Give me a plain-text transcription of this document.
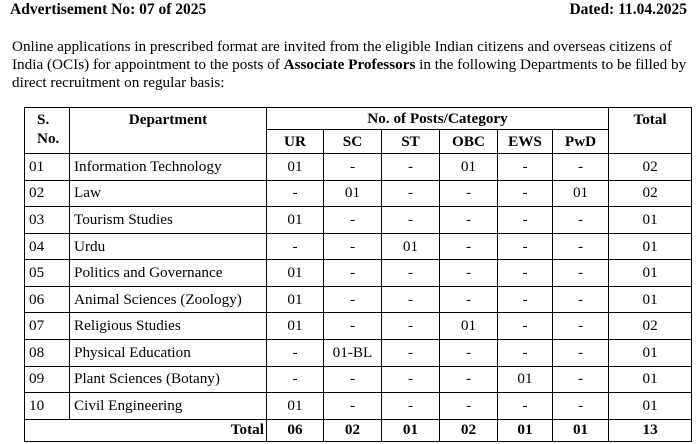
Advertisement No: 07 of 2025	Dated: 11.04.2025
Online applications in prescribed format are invited from the eligible Indian citizens and overseas citizens of India (OCIs) for appointment to the posts of Associate Professors in the following Departments to be filled by direct recruitment on regular basis:
S.
No.	Department	No. of Posts/Category						Total
		UR	SC	ST	OBC	EWS	PwD	
01	Information Technology	01	-	-	01	-	-	02
02	Law	-	01	-	-	-	01	02
03	Tourism Studies	01	-	-	-	-	-	01
04	Urdu	-	-	01	-	-	-	01
05	Politics and Governance	01	-	-	-	-	-	01
06	Animal Sciences (Zoology)	01	-	-	-	-	-	01
07	Religious Studies	01	-	-	01	-	-	02
08	Physical Education	-	01-BL	-	-	-	-	01
09	Plant Sciences (Botany)	-	-	-	-	01	-	01
10	Civil Engineering	01	-	-	-	-	-	01
Total		06	02	01	02	01	01	13
